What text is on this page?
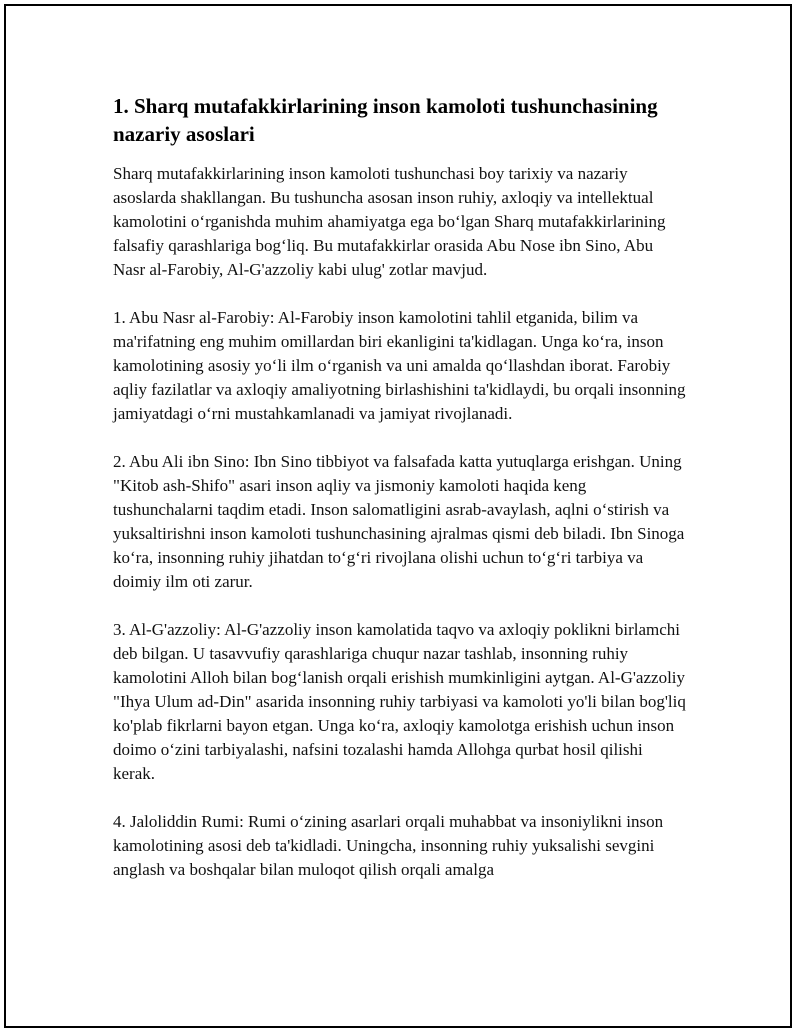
1. Sharq mutafakkirlarining inson kamoloti tushunchasining nazariy asoslari

Sharq mutafakkirlarining inson kamoloti tushunchasi boy tarixiy va nazariy asoslarda shakllangan. Bu tushuncha asosan inson ruhiy, axloqiy va intellektual kamolotini oʻrganishda muhim ahamiyatga ega boʻlgan Sharq mutafakkirlarining falsafiy qarashlariga bogʻliq. Bu mutafakkirlar orasida Abu Nose ibn Sino, Abu Nasr al-Farobiy, Al-G'azzoliy kabi ulug' zotlar mavjud.

1. Abu Nasr al-Farobiy: Al-Farobiy inson kamolotini tahlil etganida, bilim va ma'rifatning eng muhim omillardan biri ekanligini ta'kidlagan. Unga koʻra, inson kamolotining asosiy yoʻli ilm oʻrganish va uni amalda qoʻllashdan iborat. Farobiy aqliy fazilatlar va axloqiy amaliyotning birlashishini ta'kidlaydi, bu orqali insonning jamiyatdagi oʻrni mustahkamlanadi va jamiyat rivojlanadi.

2. Abu Ali ibn Sino: Ibn Sino tibbiyot va falsafada katta yutuqlarga erishgan. Uning "Kitob ash-Shifo" asari inson aqliy va jismoniy kamoloti haqida keng tushunchalarni taqdim etadi. Inson salomatligini asrab-avaylash, aqlni oʻstirish va yuksaltirishni inson kamoloti tushunchasining ajralmas qismi deb biladi. Ibn Sinoga koʻra, insonning ruhiy jihatdan toʻgʻri rivojlana olishi uchun toʻgʻri tarbiya va doimiy ilm oti zarur.

3. Al-G'azzoliy: Al-G'azzoliy inson kamolatida taqvo va axloqiy poklikni birlamchi deb bilgan. U tasavvufiy qarashlariga chuqur nazar tashlab, insonning ruhiy kamolotini Alloh bilan bogʻlanish orqali erishish mumkinligini aytgan. Al-G'azzoliy "Ihya Ulum ad-Din" asarida insonning ruhiy tarbiyasi va kamoloti yo'li bilan bog'liq ko'plab fikrlarni bayon etgan. Unga koʻra, axloqiy kamolotga erishish uchun inson doimo oʻzini tarbiyalashi, nafsini tozalashi hamda Allohga qurbat hosil qilishi kerak.

4. Jaloliddin Rumi: Rumi oʻzining asarlari orqali muhabbat va insoniylikni inson kamolotining asosi deb ta'kidladi. Uningcha, insonning ruhiy yuksalishi sevgini anglash va boshqalar bilan muloqot qilish orqali amalga
